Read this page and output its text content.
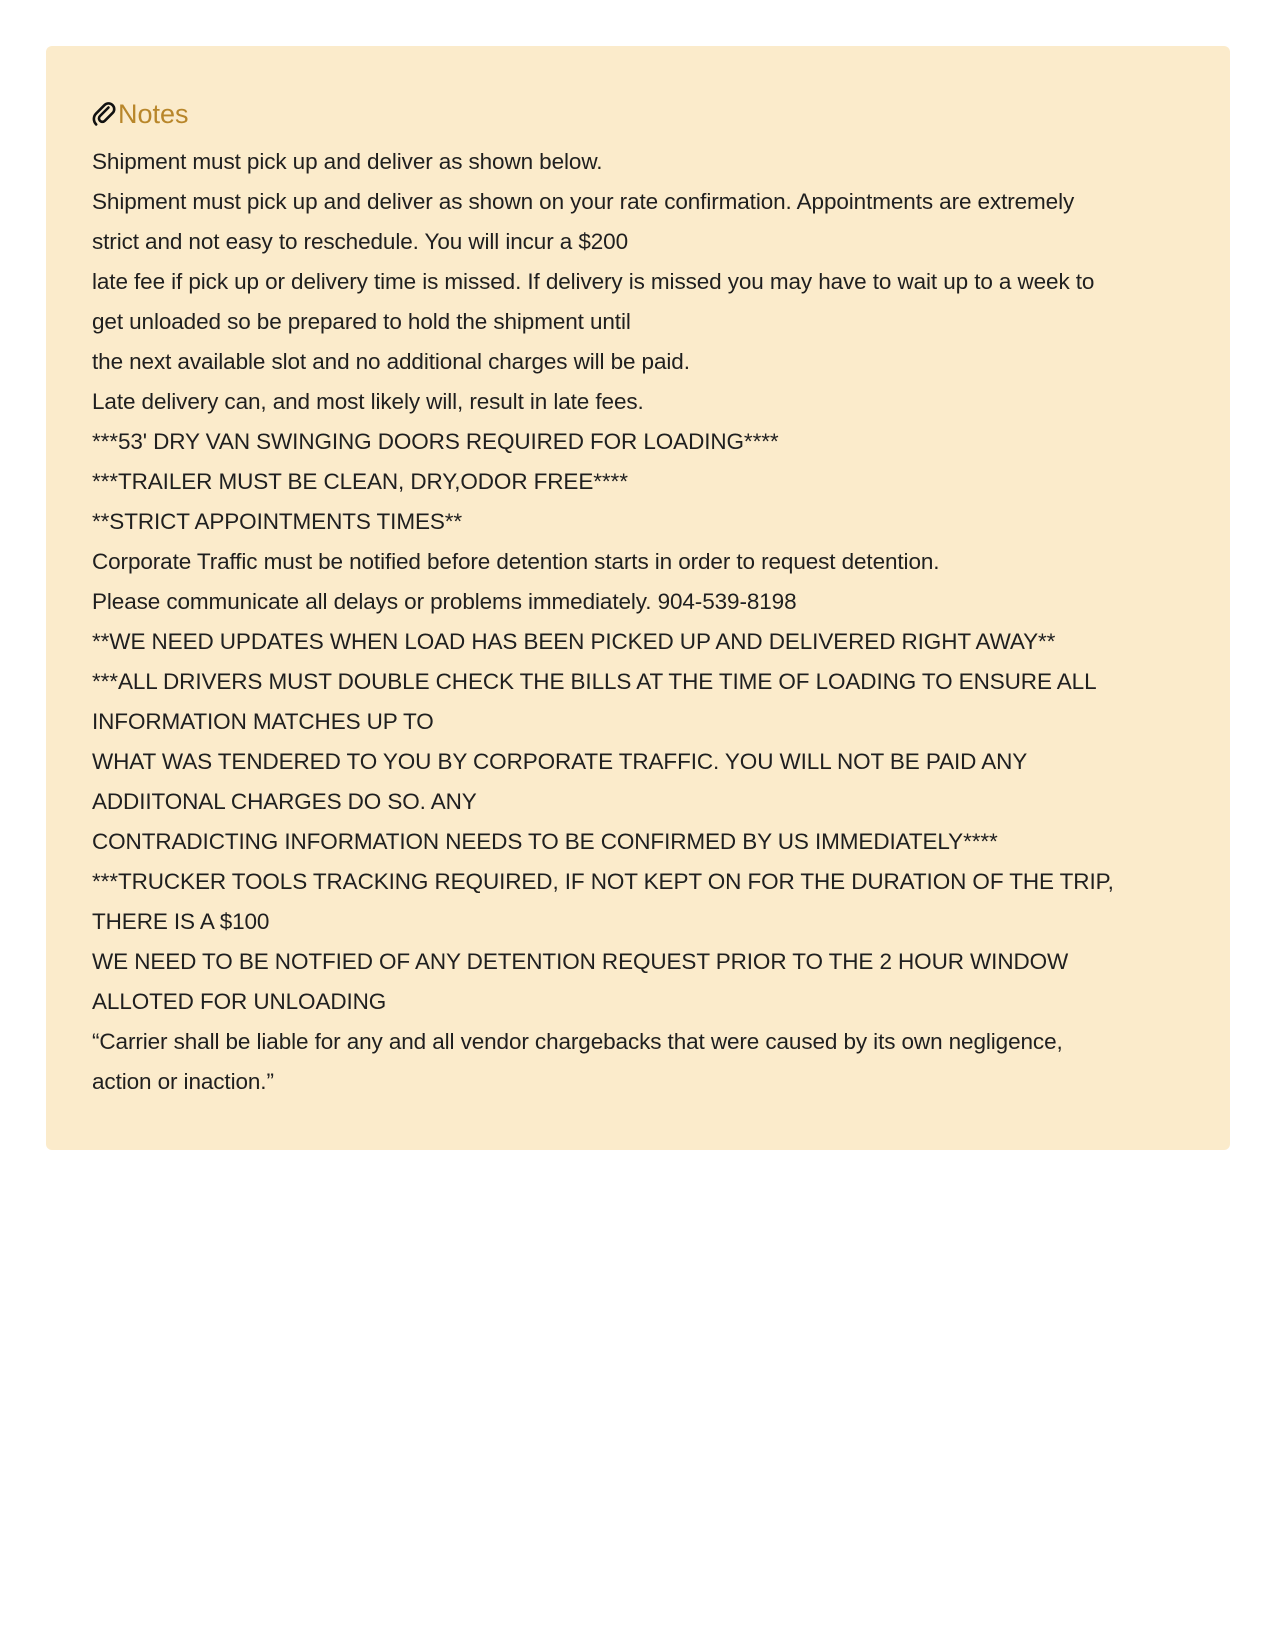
Notes
Shipment must pick up and deliver as shown below.
Shipment must pick up and deliver as shown on your rate confirmation. Appointments are extremely
strict and not easy to reschedule. You will incur a $200
late fee if pick up or delivery time is missed. If delivery is missed you may have to wait up to a week to
get unloaded so be prepared to hold the shipment until
the next available slot and no additional charges will be paid.
Late delivery can, and most likely will, result in late fees.
***53' DRY VAN SWINGING DOORS REQUIRED FOR LOADING****
***TRAILER MUST BE CLEAN, DRY,ODOR FREE****
**STRICT APPOINTMENTS TIMES**
Corporate Traffic must be notified before detention starts in order to request detention.
Please communicate all delays or problems immediately. 904-539-8198
**WE NEED UPDATES WHEN LOAD HAS BEEN PICKED UP AND DELIVERED RIGHT AWAY**
***ALL DRIVERS MUST DOUBLE CHECK THE BILLS AT THE TIME OF LOADING TO ENSURE ALL
INFORMATION MATCHES UP TO
WHAT WAS TENDERED TO YOU BY CORPORATE TRAFFIC. YOU WILL NOT BE PAID ANY
ADDIITONAL CHARGES DO SO. ANY
CONTRADICTING INFORMATION NEEDS TO BE CONFIRMED BY US IMMEDIATELY****
***TRUCKER TOOLS TRACKING REQUIRED, IF NOT KEPT ON FOR THE DURATION OF THE TRIP,
THERE IS A $100
WE NEED TO BE NOTFIED OF ANY DETENTION REQUEST PRIOR TO THE 2 HOUR WINDOW
ALLOTED FOR UNLOADING
“Carrier shall be liable for any and all vendor chargebacks that were caused by its own negligence,
action or inaction.”
